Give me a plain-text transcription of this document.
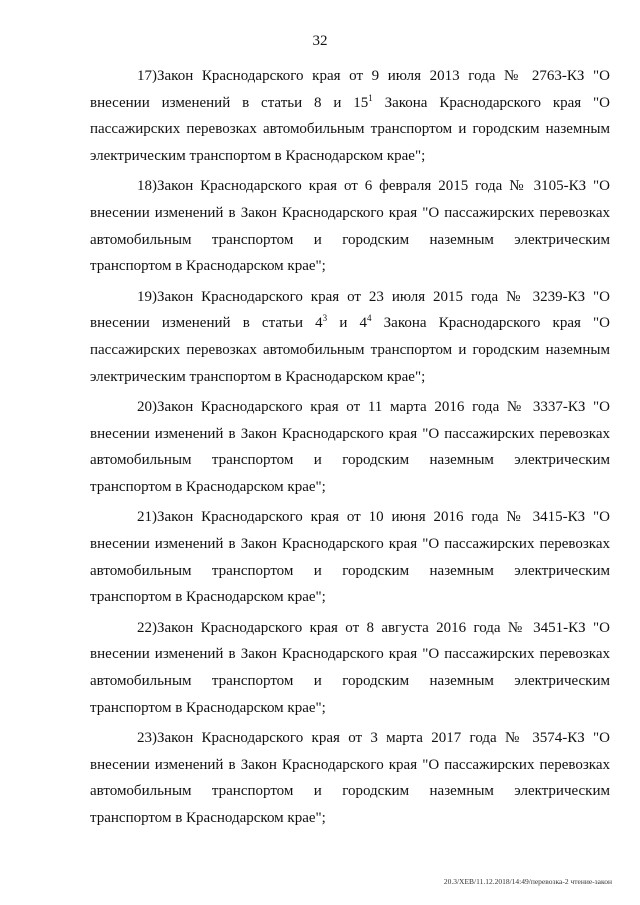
32

17)Закон Краснодарского края от 9 июля 2013 года № 2763-КЗ "О внесении изменений в статьи 8 и $15^1$ Закона Краснодарского края "О пассажирских перевозках автомобильным транспортом и городским наземным электрическим транспортом в Краснодарском крае";

18)Закон Краснодарского края от 6 февраля 2015 года № 3105-КЗ "О внесении изменений в Закон Краснодарского края "О пассажирских перевозках автомобильным транспортом и городским наземным электрическим транспортом в Краснодарском крае";

19)Закон Краснодарского края от 23 июля 2015 года № 3239-КЗ "О внесении изменений в статьи $4^3$ и $4^4$ Закона Краснодарского края "О пассажирских перевозках автомобильным транспортом и городским наземным электрическим транспортом в Краснодарском крае";

20)Закон Краснодарского края от 11 марта 2016 года № 3337-КЗ "О внесении изменений в Закон Краснодарского края "О пассажирских перевозках автомобильным транспортом и городским наземным электрическим транспортом в Краснодарском крае";

21)Закон Краснодарского края от 10 июня 2016 года № 3415-КЗ "О внесении изменений в Закон Краснодарского края "О пассажирских перевозках автомобильным транспортом и городским наземным электрическим транспортом в Краснодарском крае";

22)Закон Краснодарского края от 8 августа 2016 года № 3451-КЗ "О внесении изменений в Закон Краснодарского края "О пассажирских перевозках автомобильным транспортом и городским наземным электрическим транспортом в Краснодарском крае";

23)Закон Краснодарского края от 3 марта 2017 года № 3574-КЗ "О внесении изменений в Закон Краснодарского края "О пассажирских перевозках автомобильным транспортом и городским наземным электрическим транспортом в Краснодарском крае";

20.3/ХЕВ/11.12.2018/14:49/перевозка-2 чтение-закон
